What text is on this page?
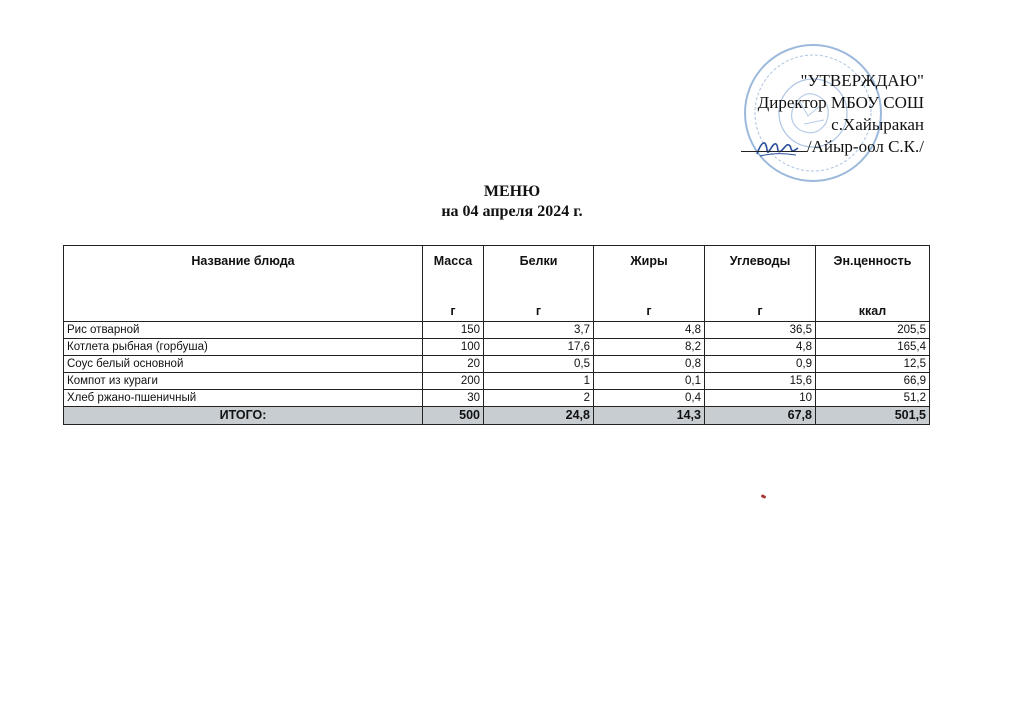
"УТВЕРЖДАЮ"
Директор МБОУ СОШ
с.Хайыракан
/Айыр-оол С.К./
МЕНЮ
на 04 апреля 2024 г.
Название блюда	Масса	Белки	Жиры	Углеводы	Эн.ценность
	г	г	г	г	ккал
Рис отварной	150	3,7	4,8	36,5	205,5
Котлета рыбная (горбуша)	100	17,6	8,2	4,8	165,4
Соус белый основной	20	0,5	0,8	0,9	12,5
Компот из кураги	200	1	0,1	15,6	66,9
Хлеб ржано-пшеничный	30	2	0,4	10	51,2
ИТОГО:	500	24,8	14,3	67,8	501,5
